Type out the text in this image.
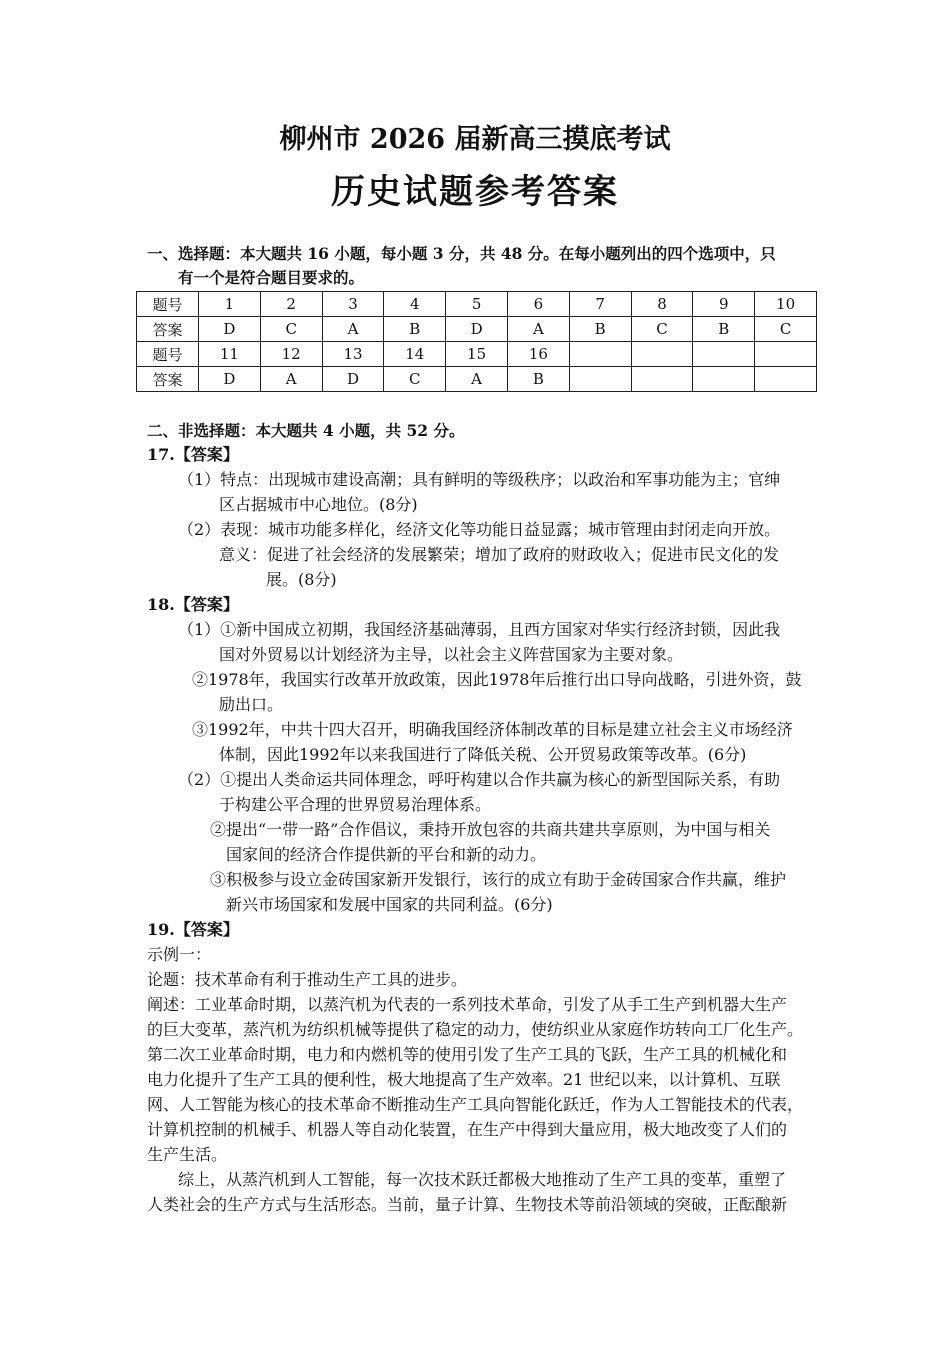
柳州市 2026 届新高三摸底考试
历史试题参考答案
一、选择题：本大题共 16 小题，每小题 3 分，共 48 分。在每小题列出的四个选项中，只
有一个是符合题目要求的。
题号	1	2	3	4	5	6	7	8	9	10
答案	D	C	A	B	D	A	B	C	B	C
题号	11	12	13	14	15	16				
答案	D	A	D	C	A	B				
二、非选择题：本大题共 4 小题，共 52 分。
17.【答案】
（1）特点：出现城市建设高潮；具有鲜明的等级秩序；以政治和军事功能为主；官绅
区占据城市中心地位。(8分)
（2）表现：城市功能多样化，经济文化等功能日益显露；城市管理由封闭走向开放。
意义：促进了社会经济的发展繁荣；增加了政府的财政收入；促进市民文化的发
展。(8分)
18.【答案】
（1）①新中国成立初期，我国经济基础薄弱，且西方国家对华实行经济封锁，因此我
国对外贸易以计划经济为主导，以社会主义阵营国家为主要对象。
②1978年，我国实行改革开放政策，因此1978年后推行出口导向战略，引进外资，鼓
励出口。
③1992年，中共十四大召开，明确我国经济体制改革的目标是建立社会主义市场经济
体制，因此1992年以来我国进行了降低关税、公开贸易政策等改革。(6分)
（2）①提出人类命运共同体理念，呼吁构建以合作共赢为核心的新型国际关系，有助
于构建公平合理的世界贸易治理体系。
②提出“一带一路”合作倡议，秉持开放包容的共商共建共享原则，为中国与相关
国家间的经济合作提供新的平台和新的动力。
③积极参与设立金砖国家新开发银行，该行的成立有助于金砖国家合作共赢，维护
新兴市场国家和发展中国家的共同利益。(6分)
19.【答案】
示例一：
论题：技术革命有利于推动生产工具的进步。
阐述：工业革命时期，以蒸汽机为代表的一系列技术革命，引发了从手工生产到机器大生产
的巨大变革，蒸汽机为纺织机械等提供了稳定的动力，使纺织业从家庭作坊转向工厂化生产。
第二次工业革命时期，电力和内燃机等的使用引发了生产工具的飞跃，生产工具的机械化和
电力化提升了生产工具的便利性，极大地提高了生产效率。21 世纪以来，以计算机、互联
网、人工智能为核心的技术革命不断推动生产工具向智能化跃迁，作为人工智能技术的代表，
计算机控制的机械手、机器人等自动化装置，在生产中得到大量应用，极大地改变了人们的
生产生活。
综上，从蒸汽机到人工智能，每一次技术跃迁都极大地推动了生产工具的变革，重塑了
人类社会的生产方式与生活形态。当前，量子计算、生物技术等前沿领域的突破，正酝酿新
